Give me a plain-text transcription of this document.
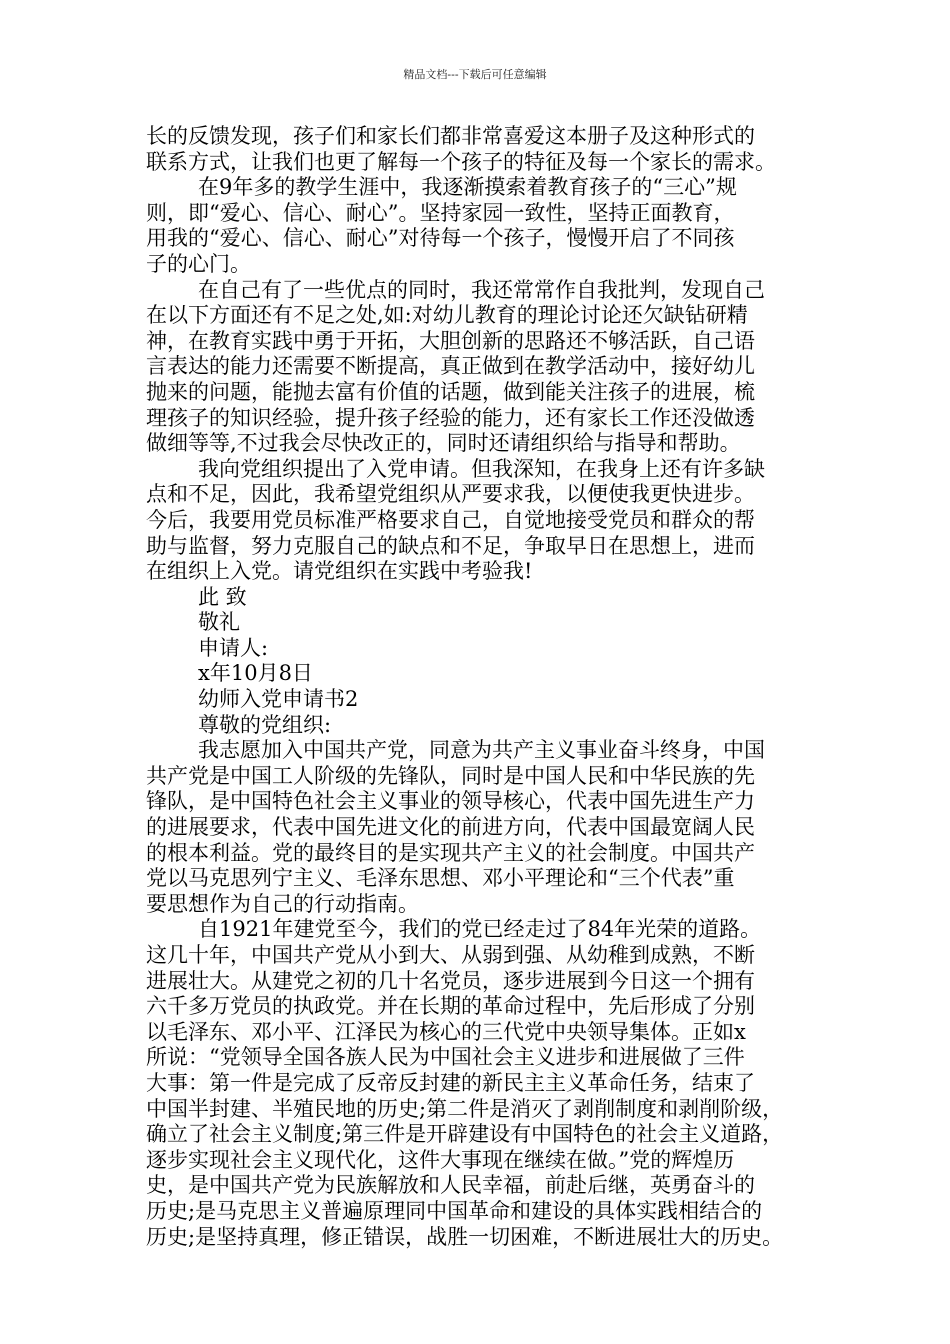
精品文档---下载后可任意编辑
长的反馈发现，孩子们和家长们都非常喜爱这本册子及这种形式的
联系方式，让我们也更了解每一个孩子的特征及每一个家长的需求。
在9年多的教学生涯中，我逐渐摸索着教育孩子的“三心”规
则，即“爱心、信心、耐心”。坚持家园一致性，坚持正面教育，
用我的“爱心、信心、耐心”对待每一个孩子，慢慢开启了不同孩
子的心门。
在自己有了一些优点的同时，我还常常作自我批判，发现自己
在以下方面还有不足之处,如:对幼儿教育的理论讨论还欠缺钻研精
神，在教育实践中勇于开拓，大胆创新的思路还不够活跃，自己语
言表达的能力还需要不断提高，真正做到在教学活动中，接好幼儿
抛来的问题，能抛去富有价值的话题，做到能关注孩子的进展，梳
理孩子的知识经验，提升孩子经验的能力，还有家长工作还没做透
做细等等,不过我会尽快改正的，同时还请组织给与指导和帮助。
我向党组织提出了入党申请。但我深知，在我身上还有许多缺
点和不足，因此，我希望党组织从严要求我，以便使我更快进步。
今后，我要用党员标准严格要求自己，自觉地接受党员和群众的帮
助与监督，努力克服自己的缺点和不足，争取早日在思想上，进而
在组织上入党。请党组织在实践中考验我!
此 致
敬礼
申请人:
x年10月8日
幼师入党申请书2
尊敬的党组织:
我志愿加入中国共产党，同意为共产主义事业奋斗终身，中国
共产党是中国工人阶级的先锋队，同时是中国人民和中华民族的先
锋队，是中国特色社会主义事业的领导核心，代表中国先进生产力
的进展要求，代表中国先进文化的前进方向，代表中国最宽阔人民
的根本利益。党的最终目的是实现共产主义的社会制度。中国共产
党以马克思列宁主义、毛泽东思想、邓小平理论和“三个代表”重
要思想作为自己的行动指南。
自1921年建党至今，我们的党已经走过了84年光荣的道路。
这几十年，中国共产党从小到大、从弱到强、从幼稚到成熟，不断
进展壮大。从建党之初的几十名党员，逐步进展到今日这一个拥有
六千多万党员的执政党。并在长期的革命过程中，先后形成了分别
以毛泽东、邓小平、江泽民为核心的三代党中央领导集体。正如x
所说：“党领导全国各族人民为中国社会主义进步和进展做了三件
大事：第一件是完成了反帝反封建的新民主主义革命任务，结束了
中国半封建、半殖民地的历史;第二件是消灭了剥削制度和剥削阶级，
确立了社会主义制度;第三件是开辟建设有中国特色的社会主义道路，
逐步实现社会主义现代化，这件大事现在继续在做。”党的辉煌历
史，是中国共产党为民族解放和人民幸福，前赴后继，英勇奋斗的
历史;是马克思主义普遍原理同中国革命和建设的具体实践相结合的
历史;是坚持真理，修正错误，战胜一切困难，不断进展壮大的历史。
